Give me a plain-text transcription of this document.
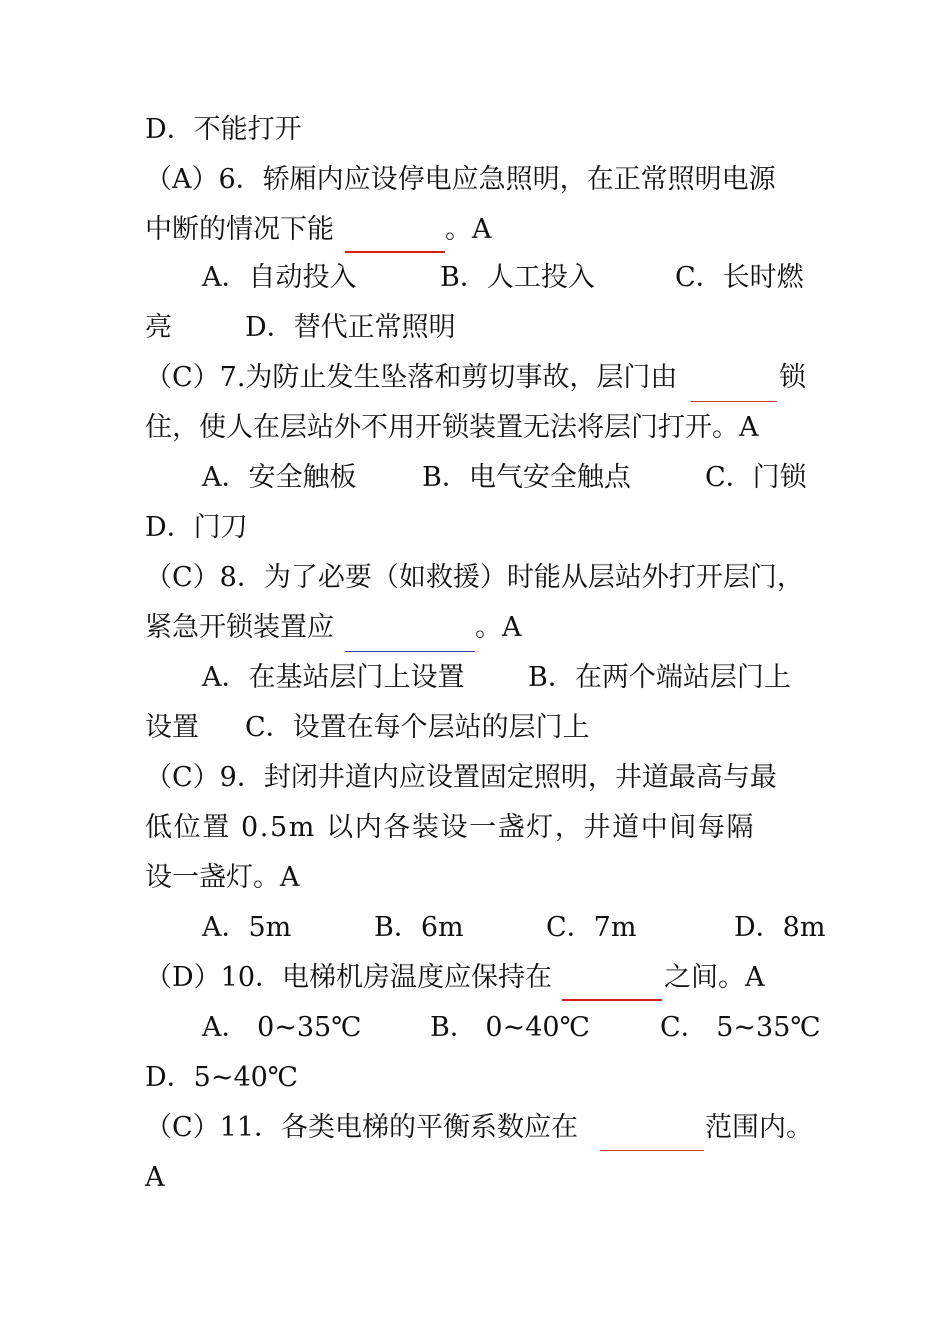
D．不能打开
（A）6．轿厢内应设停电应急照明，在正常照明电源

中断的情况下能

	。A

A．自动投入

	B．人工投入

	C．长时燃

亮

	D．替代正常照明

（C）7.为防止发生坠落和剪切事故，层门由

	锁

住，使人在层站外不用开锁装置无法将层门打开。A

A．安全触板

B．电气安全触点

	C．门锁

D．门刀
（C）8．为了必要（如救援）时能从层站外打开层门，

紧急开锁装置应

	。A

A．在基站层门上设置

B．在两个端站层门上

设置

C．设置在每个层站的层门上

（C）9．封闭井道内应设置固定照明，井道最高与最
低位置 0.5m 以内各装设一盏灯，井道中间每隔
设一盏灯。A

A．5m

	B．6m

	C．7m

	D．8m

（D）10．电梯机房温度应保持在

	之间。A

A． 0~35℃

	B． 0~40℃

	C． 5~35℃

D．5~40℃

（C）11．各类电梯的平衡系数应在

	范围内。

A
